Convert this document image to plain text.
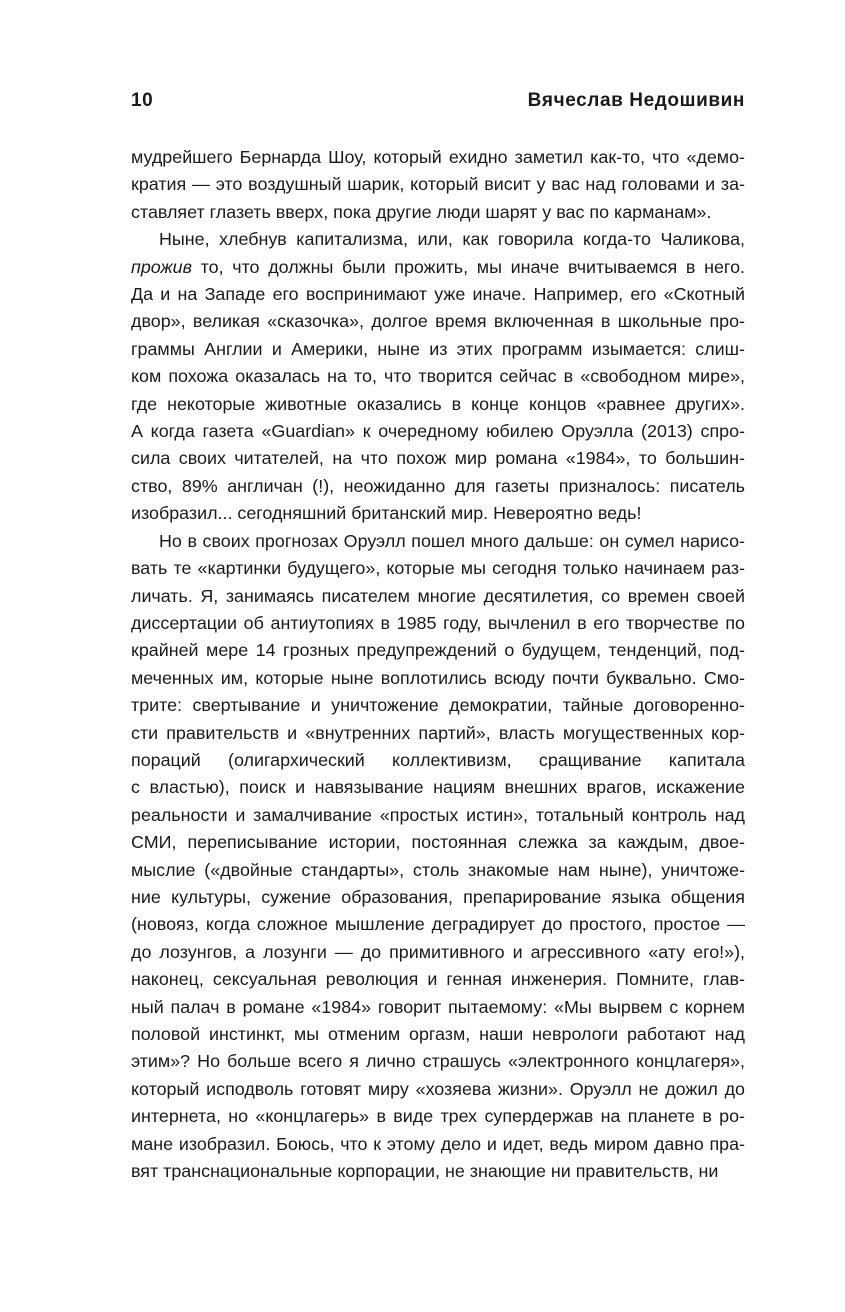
10	Вячеслав Недошивин
мудрейшего Бернарда Шоу, который ехидно заметил как-то, что «демо-
кратия — это воздушный шарик, который висит у вас над головами и за-
ставляет глазеть вверх, пока другие люди шарят у вас по карманам».
Ныне, хлебнув капитализма, или, как говорила когда-то Чаликова,
прожив то, что должны были прожить, мы иначе вчитываемся в него.
Да и на Западе его воспринимают уже иначе. Например, его «Скотный
двор», великая «сказочка», долгое время включенная в школьные про-
граммы Англии и Америки, ныне из этих программ изымается: слиш-
ком похожа оказалась на то, что творится сейчас в «свободном мире»,
где некоторые животные оказались в конце концов «равнее других».
А когда газета «Guardian» к очередному юбилею Оруэлла (2013) спро-
сила своих читателей, на что похож мир романа «1984», то большин-
ство, 89% англичан (!), неожиданно для газеты призналось: писатель
изобразил... сегодняшний британский мир. Невероятно ведь!
Но в своих прогнозах Оруэлл пошел много дальше: он сумел нарисо-
вать те «картинки будущего», которые мы сегодня только начинаем раз-
личать. Я, занимаясь писателем многие десятилетия, со времен своей
диссертации об антиутопиях в 1985 году, вычленил в его творчестве по
крайней мере 14 грозных предупреждений о будущем, тенденций, под-
меченных им, которые ныне воплотились всюду почти буквально. Смо-
трите: свертывание и уничтожение демократии, тайные договоренно-
сти правительств и «внутренних партий», власть могущественных кор-
пораций (олигархический коллективизм, сращивание капитала
с властью), поиск и навязывание нациям внешних врагов, искажение
реальности и замалчивание «простых истин», тотальный контроль над
СМИ, переписывание истории, постоянная слежка за каждым, двое-
мыслие («двойные стандарты», столь знакомые нам ныне), уничтоже-
ние культуры, сужение образования, препарирование языка общения
(новояз, когда сложное мышление деградирует до простого, простое —
до лозунгов, а лозунги — до примитивного и агрессивного «ату его!»),
наконец, сексуальная революция и генная инженерия. Помните, глав-
ный палач в романе «1984» говорит пытаемому: «Мы вырвем с корнем
половой инстинкт, мы отменим оргазм, наши неврологи работают над
этим»? Но больше всего я лично страшусь «электронного концлагеря»,
который исподволь готовят миру «хозяева жизни». Оруэлл не дожил до
интернета, но «концлагерь» в виде трех супердержав на планете в ро-
мане изобразил. Боюсь, что к этому дело и идет, ведь миром давно пра-
вят транснациональные корпорации, не знающие ни правительств, ни
